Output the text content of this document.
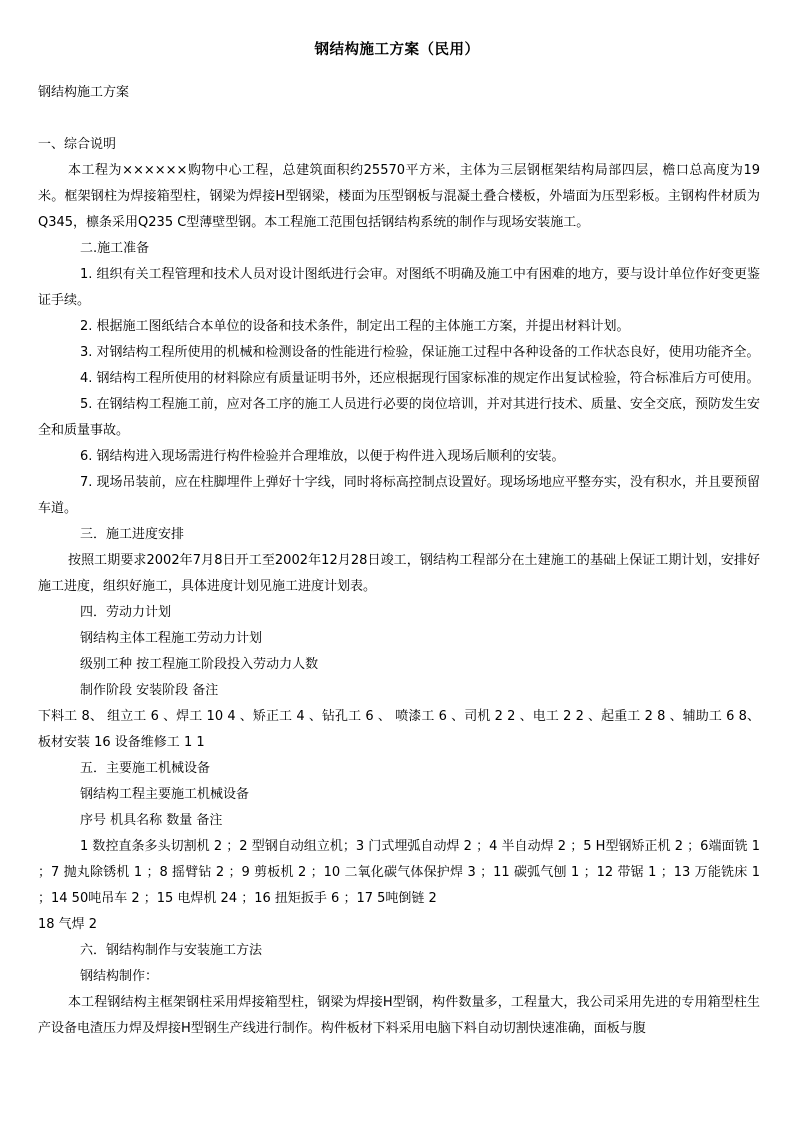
钢结构施工方案（民用）

钢结构施工方案

一、综合说明

本工程为××××××购物中心工程，总建筑面积约25570平方米，主体为三层钢框架结构局部四层，檐口总高度为19米。框架钢柱为焊接箱型柱，钢梁为焊接H型钢梁，楼面为压型钢板与混凝土叠合楼板，外墙面为压型彩板。主钢构件材质为Q345，檩条采用Q235 C型薄壁型钢。本工程施工范围包括钢结构系统的制作与现场安装施工。

二.施工准备

1. 组织有关工程管理和技术人员对设计图纸进行会审。对图纸不明确及施工中有困难的地方，要与设计单位作好变更鉴证手续。

2. 根据施工图纸结合本单位的设备和技术条件，制定出工程的主体施工方案，并提出材料计划。

3. 对钢结构工程所使用的机械和检测设备的性能进行检验，保证施工过程中各种设备的工作状态良好，使用功能齐全。

4. 钢结构工程所使用的材料除应有质量证明书外，还应根据现行国家标准的规定作出复试检验，符合标准后方可使用。

5. 在钢结构工程施工前，应对各工序的施工人员进行必要的岗位培训，并对其进行技术、质量、安全交底，预防发生安全和质量事故。

6. 钢结构进入现场需进行构件检验并合理堆放，以便于构件进入现场后顺利的安装。

7. 现场吊装前，应在柱脚埋件上弹好十字线，同时将标高控制点设置好。现场场地应平整夯实，没有积水，并且要预留车道。

三．施工进度安排

按照工期要求2002年7月8日开工至2002年12月28日竣工，钢结构工程部分在土建施工的基础上保证工期计划，安排好施工进度，组织好施工，具体进度计划见施工进度计划表。

四．劳动力计划

钢结构主体工程施工劳动力计划

级别工种 按工程施工阶段投入劳动力人数

制作阶段 安装阶段 备注

下料工 8、 组立工 6 、焊工 10 4 、矫正工 4 、钻孔工 6 、 喷漆工 6 、司机 2 2 、电工 2 2 、起重工 2 8 、辅助工 6 8、 板材安装 16 设备维修工 1 1

五．主要施工机械设备

钢结构工程主要施工机械设备

序号 机具名称 数量 备注

1 数控直条多头切割机 2 ；2 型钢自动组立机；3 门式埋弧自动焊 2 ；4 半自动焊 2 ；5 H型钢矫正机 2 ；6端面铣 1 ；7 抛丸除锈机 1 ；8 摇臂钻 2 ；9 剪板机 2 ；10 二氧化碳气体保护焊 3 ；11 碳弧气刨 1 ；12 带锯 1 ；13 万能铣床 1 ；14 50吨吊车 2 ；15 电焊机 24 ；16 扭矩扳手 6 ；17 5吨倒链 2

18 气焊 2

六．钢结构制作与安装施工方法

钢结构制作：

本工程钢结构主框架钢柱采用焊接箱型柱，钢梁为焊接H型钢，构件数量多，工程量大，我公司采用先进的专用箱型柱生产设备电渣压力焊及焊接H型钢生产线进行制作。构件板材下料采用电脑下料自动切割快速准确，面板与腹
